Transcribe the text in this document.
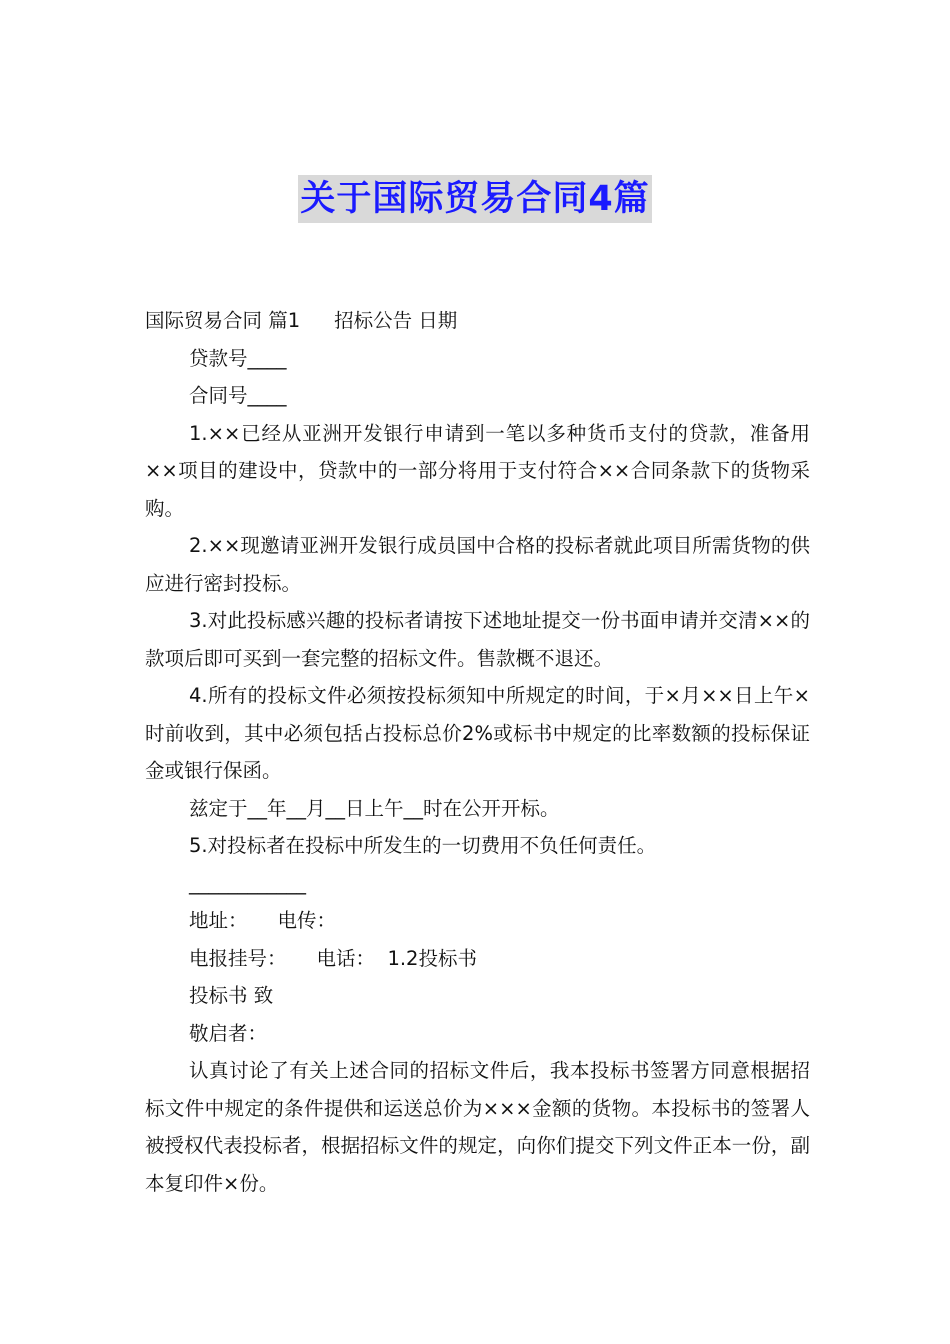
关于国际贸易合同4篇

国际贸易合同 篇1 招标公告 日期

贷款号____

合同号____

1.××已经从亚洲开发银行申请到一笔以多种货币支付的贷款，准备用××项目的建设中，贷款中的一部分将用于支付符合××合同条款下的货物采购。

2.××现邀请亚洲开发银行成员国中合格的投标者就此项目所需货物的供应进行密封投标。

3.对此投标感兴趣的投标者请按下述地址提交一份书面申请并交清××的款项后即可买到一套完整的招标文件。售款概不退还。

4.所有的投标文件必须按投标须知中所规定的时间，于×月××日上午×时前收到，其中必须包括占投标总价2%或标书中规定的比率数额的投标保证金或银行保函。

兹定于__年__月__日上午__时在公开开标。

5.对投标者在投标中所发生的一切费用不负任何责任。

____________

地址： 电传：

电报挂号： 电话： 1.2投标书

投标书 致

敬启者：

认真讨论了有关上述合同的招标文件后，我本投标书签署方同意根据招标文件中规定的条件提供和运送总价为×××金额的货物。本投标书的签署人被授权代表投标者，根据招标文件的规定，向你们提交下列文件正本一份，副本复印件×份。
